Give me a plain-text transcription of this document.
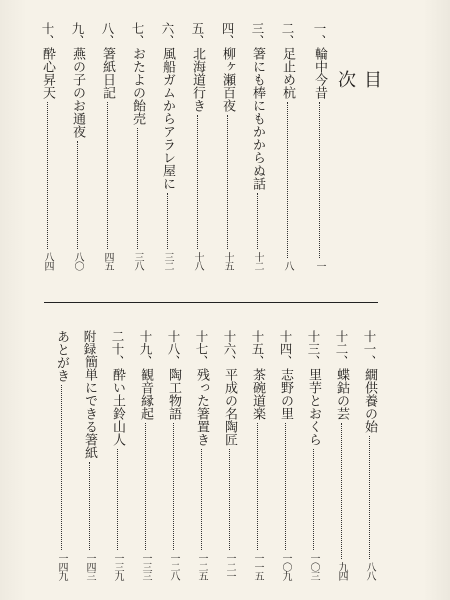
目 次
一、
輪中今昔
一
二、
足止め杭
八
三、
箸にも棒にもかからぬ話
十二
四、
柳ヶ瀬百夜
十五
五、
北海道行き
十八
六、
風船ガムからアラレ屋に
三二
七、
おたよの飴売
三八
八、
箸紙日記
四五
九、
燕の子のお通夜
八〇
十、
酔心昇天
八四
十一、
繝供養の始
八八
十二、
蝶鈷の芸
九四
十三、
里芋とおくら
一〇三
十四、
志野の里
一〇九
十五、
茶碗道楽
一一五
十六、
平成の名陶匠
一二一
十七、
残った箸置き
一二五
十八、
陶工物語
一二八
十九、
観音縁起
一三三
二十、
酔い土鈴山人
一三九
附録
簡単にできる箸紙
一四三
あとがき
一四九
